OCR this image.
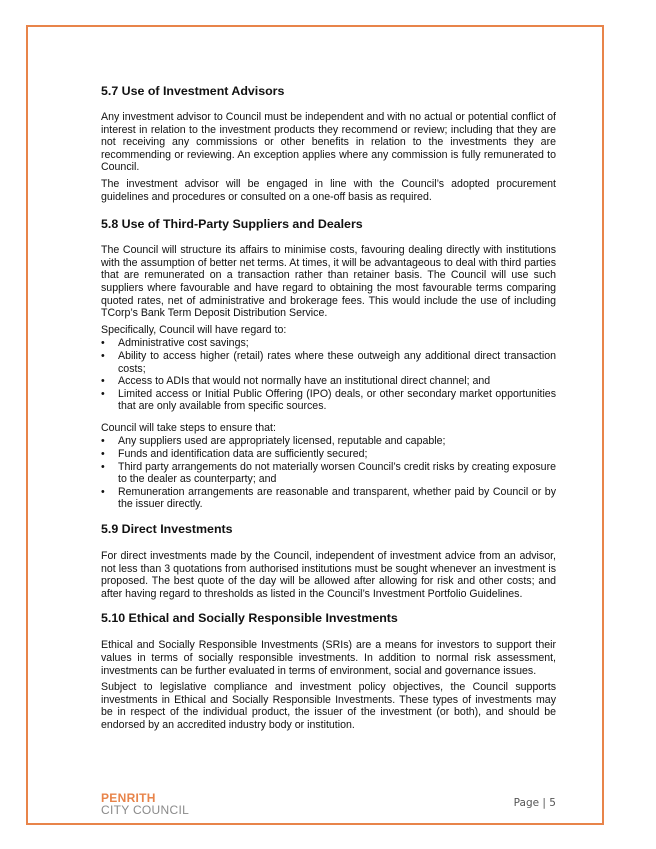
5.7 Use of Investment Advisors

Any investment advisor to Council must be independent and with no actual or potential conflict of interest in relation to the investment products they recommend or review; including that they are not receiving any commissions or other benefits in relation to the investments they are recommending or reviewing. An exception applies where any commission is fully remunerated to Council.

The investment advisor will be engaged in line with the Council’s adopted procurement guidelines and procedures or consulted on a one-off basis as required.

5.8 Use of Third-Party Suppliers and Dealers

The Council will structure its affairs to minimise costs, favouring dealing directly with institutions with the assumption of better net terms. At times, it will be advantageous to deal with third parties that are remunerated on a transaction rather than retainer basis. The Council will use such suppliers where favourable and have regard to obtaining the most favourable terms comparing quoted rates, net of administrative and brokerage fees. This would include the use of including TCorp’s Bank Term Deposit Distribution Service.

Specifically, Council will have regard to:

• Administrative cost savings;
• Ability to access higher (retail) rates where these outweigh any additional direct transaction costs;
• Access to ADIs that would not normally have an institutional direct channel; and
• Limited access or Initial Public Offering (IPO) deals, or other secondary market opportunities that are only available from specific sources.

Council will take steps to ensure that:

• Any suppliers used are appropriately licensed, reputable and capable;
• Funds and identification data are sufficiently secured;
• Third party arrangements do not materially worsen Council’s credit risks by creating exposure to the dealer as counterparty; and
• Remuneration arrangements are reasonable and transparent, whether paid by Council or by the issuer directly.
5.9 Direct Investments

For direct investments made by the Council, independent of investment advice from an advisor, not less than 3 quotations from authorised institutions must be sought whenever an investment is proposed. The best quote of the day will be allowed after allowing for risk and other costs; and after having regard to thresholds as listed in the Council’s Investment Portfolio Guidelines.

5.10 Ethical and Socially Responsible Investments

Ethical and Socially Responsible Investments (SRIs) are a means for investors to support their values in terms of socially responsible investments. In addition to normal risk assessment, investments can be further evaluated in terms of environment, social and governance issues.

Subject to legislative compliance and investment policy objectives, the Council supports investments in Ethical and Socially Responsible Investments. These types of investments may be in respect of the individual product, the issuer of the investment (or both), and should be endorsed by an accredited industry body or institution.

PENRITH
CITY COUNCIL	Page | 5
